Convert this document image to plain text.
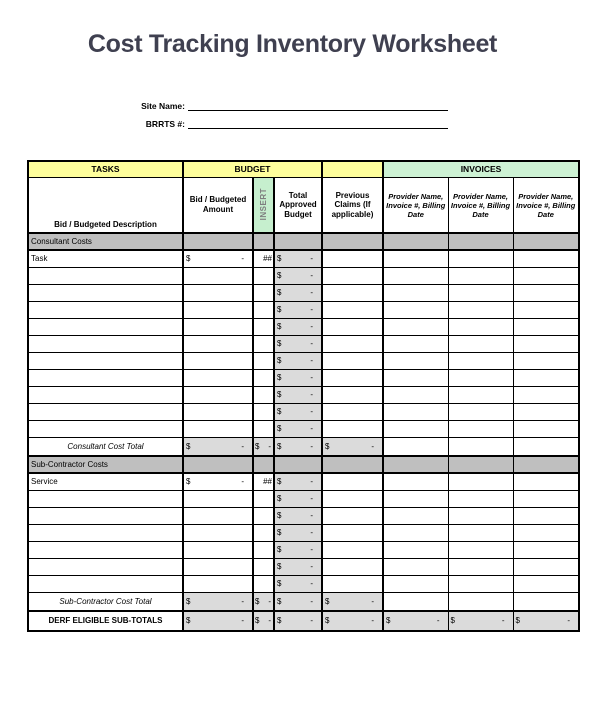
Cost Tracking Inventory Worksheet
Site Name:
BRRTS #:
TASKS	BUDGET				INVOICES		
Bid / Budgeted Description	Bid / Budgeted Amount	INSERT	Total Approved Budget	Previous Claims (If applicable)	Provider Name, Invoice #, Billing Date	Provider Name, Invoice #, Billing Date	Provider Name, Invoice #, Billing Date
Consultant Costs							
Task	$ -	##	$ -				

			$ -				

			$ -				

			$ -				

			$ -				

			$ -				

			$ -				

			$ -				

			$ -				

			$ -				

			$ -				

Consultant Cost Total	$ -	$ -	$ -	$ -			

Sub-Contractor Costs							
Service	$ -	##	$ -				

			$ -				

			$ -				

			$ -				

			$ -				

			$ -				

			$ -				

Sub-Contractor Cost Total	$ -	$ -	$ -	$ -			

DERF ELIGIBLE SUB-TOTALS	$ -	$ -	$ -	$ -	$ -	$ -	$ -
